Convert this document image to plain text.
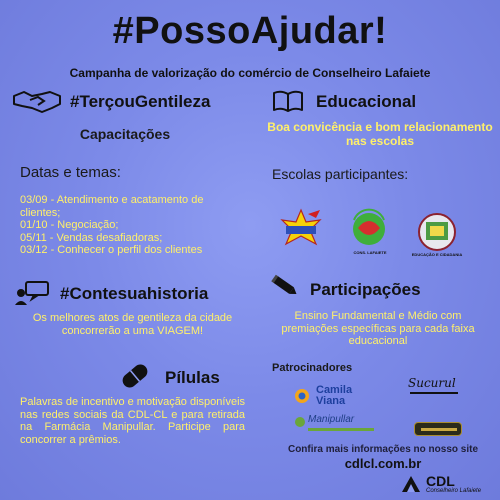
#PossoAjudar!
Campanha de valorização do comércio de Conselheiro Lafaiete
#TerçouGentileza
Capacitações
Datas e temas:
03/09 - Atendimento e acatamento de clientes;
01/10 - Negociação;
05/11 - Vendas desafiadoras;
03/12 - Conhecer o perfil dos clientes
#Contesuahistoria
Os melhores atos de gentileza da cidade concorrerão a uma VIAGEM!
Pílulas
Palavras de incentivo e motivação disponíveis nas redes sociais da CDL-CL e para retirada na Farmácia Manipullar. Participe para concorrer a prêmios.
Educacional
Boa convicência e bom relacionamento nas escolas
Escolas participantes:
CONS. LAFAIETE	EDUCAÇÃO E CIDADANIA
Participações
Ensino Fundamental e Médio com premiações específicas para cada faixa educacional
Patrocinadores
Camila
Viana
Sucurul
Manipullar
Confira mais informações no nosso site
cdlcl.com.br
CDL
Conselheiro Lafaiete
